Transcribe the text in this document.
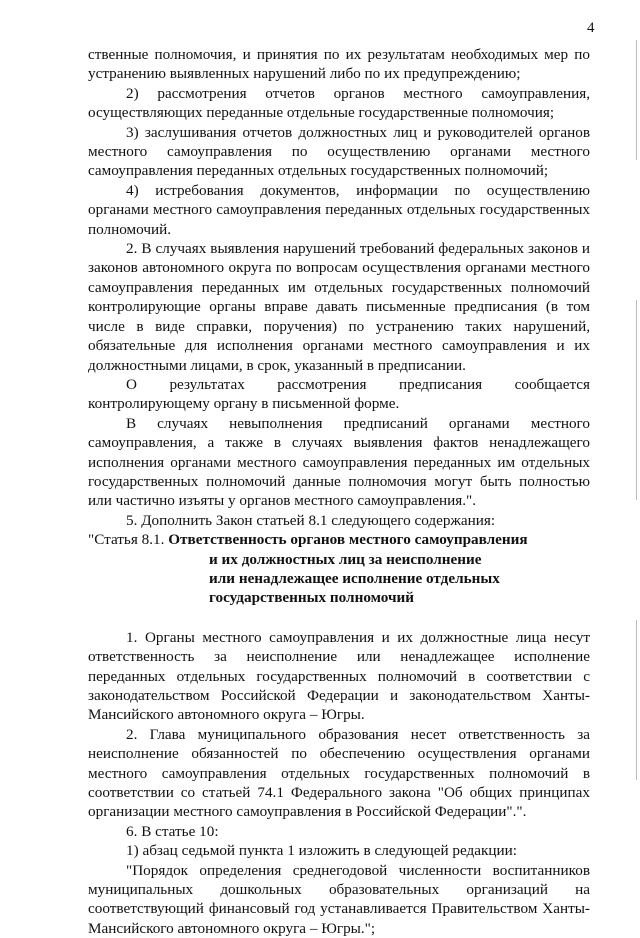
4

ственные полномочия, и принятия по их результатам необходимых мер по устранению выявленных нарушений либо по их предупреждению;

2) рассмотрения отчетов органов местного самоуправления, осуществляющих переданные отдельные государственные полномочия;

3) заслушивания отчетов должностных лиц и руководителей органов местного самоуправления по осуществлению органами местного самоуправления переданных отдельных государственных полномочий;

4) истребования документов, информации по осуществлению органами местного самоуправления переданных отдельных государственных полномочий.

2. В случаях выявления нарушений требований федеральных законов и законов автономного округа по вопросам осуществления органами местного самоуправления переданных им отдельных государственных полномочий контролирующие органы вправе давать письменные предписания (в том числе в виде справки, поручения) по устранению таких нарушений, обязательные для исполнения органами местного самоуправления и их должностными лицами, в срок, указанный в предписании.

О результатах рассмотрения предписания сообщается контролирующему органу в письменной форме.

В случаях невыполнения предписаний органами местного самоуправления, а также в случаях выявления фактов ненадлежащего исполнения органами местного самоуправления переданных им отдельных государственных полномочий данные полномочия могут быть полностью или частично изъяты у органов местного самоуправления.".

5. Дополнить Закон статьей 8.1 следующего содержания:

"Статья 8.1. Ответственность органов местного самоуправления
и их должностных лиц за неисполнение
или ненадлежащее исполнение отдельных
государственных полномочий

1. Органы местного самоуправления и их должностные лица несут ответственность за неисполнение или ненадлежащее исполнение переданных отдельных государственных полномочий в соответствии с законодательством Российской Федерации и законодательством Ханты-Мансийского автономного округа – Югры.

2. Глава муниципального образования несет ответственность за неисполнение обязанностей по обеспечению осуществления органами местного самоуправления отдельных государственных полномочий в соответствии со статьей 74.1 Федерального закона "Об общих принципах организации местного самоуправления в Российской Федерации".".

6. В статье 10:

1) абзац седьмой пункта 1 изложить в следующей редакции:

"Порядок определения среднегодовой численности воспитанников муниципальных дошкольных образовательных организаций на соответствующий финансовый год устанавливается Правительством Ханты-Мансийского автономного округа – Югры.";
